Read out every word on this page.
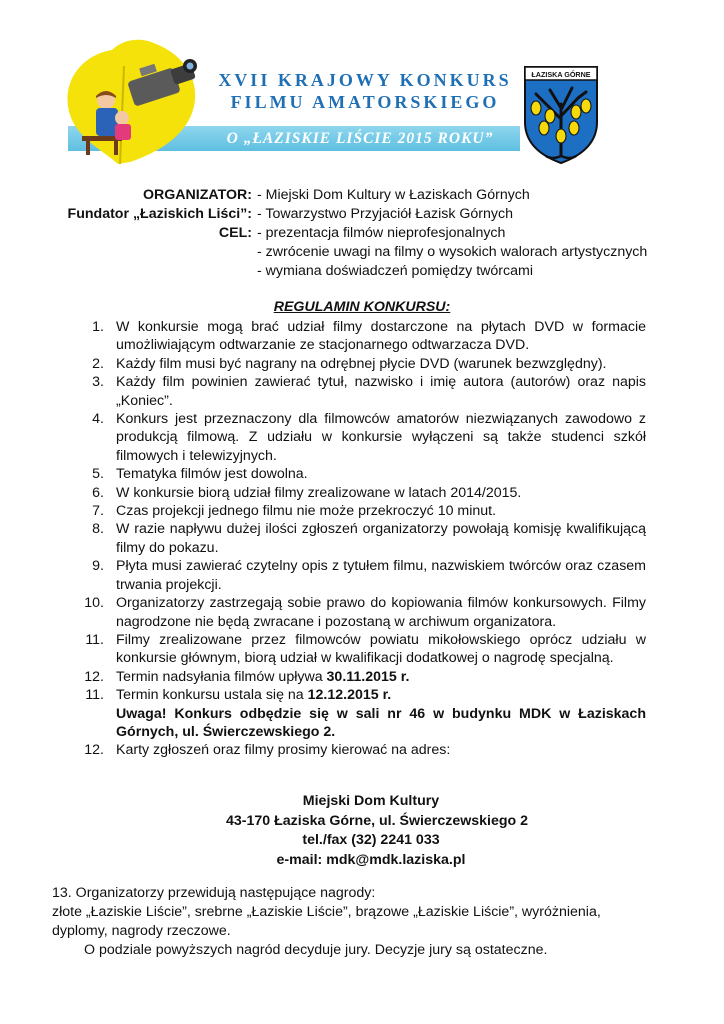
XVII KRAJOWY KONKURS
FILMU AMATORSKIEGO
O „ŁAZISKIE LIŚCIE 2015 ROKU”
ŁAZISKA GÓRNE
ORGANIZATOR:
Fundator „Łaziskich Liści”:
CEL:
- Miejski Dom Kultury w Łaziskach Górnych
- Towarzystwo Przyjaciół Łazisk Górnych
- prezentacja filmów nieprofesjonalnych
- zwrócenie uwagi na filmy o wysokich walorach artystycznych
- wymiana doświadczeń pomiędzy twórcami
REGULAMIN KONKURSU:
1. W konkursie mogą brać udział filmy dostarczone na płytach DVD w formacie umożliwiającym odtwarzanie ze stacjonarnego odtwarzacza DVD.
2. Każdy film musi być nagrany na odrębnej płycie DVD (warunek bezwzględny).
3. Każdy film powinien zawierać tytuł, nazwisko i imię autora (autorów) oraz napis „Koniec”.
4. Konkurs jest przeznaczony dla filmowców amatorów niezwiązanych zawodowo z produkcją filmową. Z udziału w konkursie wyłączeni są także studenci szkół filmowych i telewizyjnych.
5. Tematyka filmów jest dowolna.
6. W konkursie biorą udział filmy zrealizowane w latach 2014/2015.
7. Czas projekcji jednego filmu nie może przekroczyć 10 minut.
8. W razie napływu dużej ilości zgłoszeń organizatorzy powołają komisję kwalifikującą filmy do pokazu.
9. Płyta musi zawierać czytelny opis z tytułem filmu, nazwiskiem twórców oraz czasem trwania projekcji.
10. Organizatorzy zastrzegają sobie prawo do kopiowania filmów konkursowych. Filmy nagrodzone nie będą zwracane i pozostaną w archiwum organizatora.
11. Filmy zrealizowane przez filmowców powiatu mikołowskiego oprócz udziału w konkursie głównym, biorą udział w kwalifikacji dodatkowej o nagrodę specjalną.
12. Termin nadsyłania filmów upływa 30.11.2015 r.
11. Termin konkursu ustala się na 12.12.2015 r.
Uwaga! Konkurs odbędzie się w sali nr 46 w budynku MDK w Łaziskach Górnych, ul. Świerczewskiego 2.
12. Karty zgłoszeń oraz filmy prosimy kierować na adres:
Miejski Dom Kultury
43-170 Łaziska Górne, ul. Świerczewskiego 2
tel./fax (32) 2241 033
e-mail: mdk@mdk.laziska.pl
13. Organizatorzy przewidują następujące nagrody:
złote „Łaziskie Liście”, srebrne „Łaziskie Liście”, brązowe „Łaziskie Liście”, wyróżnienia,
dyplomy, nagrody rzeczowe.
O podziale powyższych nagród decyduje jury. Decyzje jury są ostateczne.
